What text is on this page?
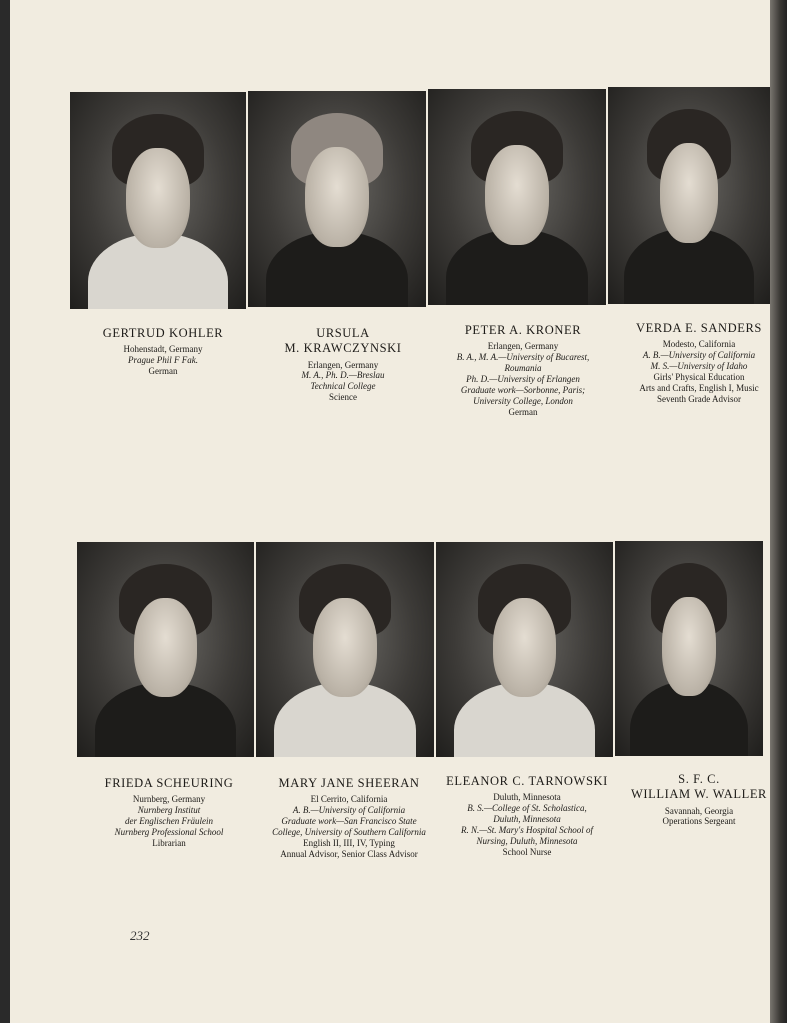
GERTRUD KOHLER
Hohenstadt, Germany
Prague Phil F Fak.
German
URSULA
M. KRAWCZYNSKI
Erlangen, Germany
M. A., Ph. D.—Breslau
Technical College
Science
PETER A. KRONER
Erlangen, Germany
B. A., M. A.—University of Bucarest,
Roumania
Ph. D.—University of Erlangen
Graduate work—Sorbonne, Paris;
University College, London
German
VERDA E. SANDERS
Modesto, California
A. B.—University of California
M. S.—University of Idaho
Girls' Physical Education
Arts and Crafts, English I, Music
Seventh Grade Advisor
FRIEDA SCHEURING
Nurnberg, Germany
Nurnberg Institut
der Englischen Fräulein
Nurnberg Professional School
Librarian
MARY JANE SHEERAN
El Cerrito, California
A. B.—University of California
Graduate work—San Francisco State
College, University of Southern California
English II, III, IV, Typing
Annual Advisor, Senior Class Advisor
ELEANOR C. TARNOWSKI
Duluth, Minnesota
B. S.—College of St. Scholastica,
Duluth, Minnesota
R. N.—St. Mary's Hospital School of
Nursing, Duluth, Minnesota
School Nurse
S. F. C.
WILLIAM W. WALLER
Savannah, Georgia
Operations Sergeant
232
